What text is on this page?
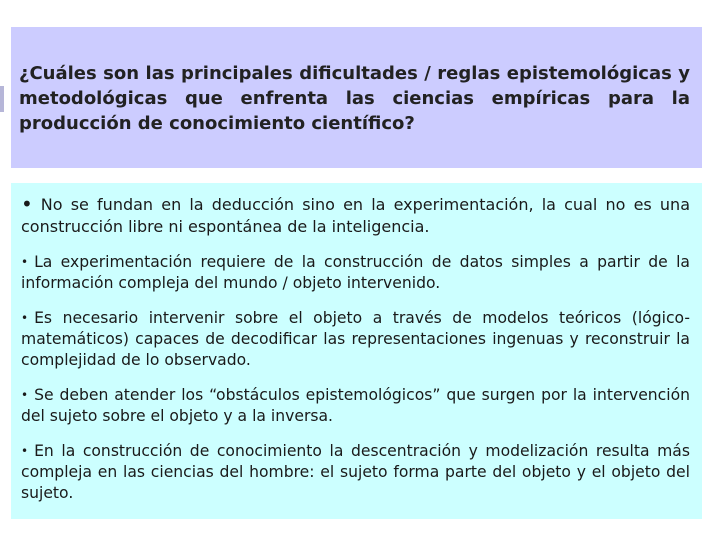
¿Cuáles son las principales dificultades / reglas epistemológicas y metodológicas que enfrenta las ciencias empíricas para la producción de conocimiento científico?

• No se fundan en la deducción sino en la experimentación, la cual no es una construcción libre ni espontánea de la inteligencia.

• La experimentación requiere de la construcción de datos simples a partir de la información compleja del mundo / objeto intervenido.

• Es necesario intervenir sobre el objeto a través de modelos teóricos (lógico-matemáticos) capaces de decodificar las representaciones ingenuas y reconstruir la complejidad de lo observado.

• Se deben atender los “obstáculos epistemológicos” que surgen por la intervención del sujeto sobre el objeto y a la inversa.

• En la construcción de conocimiento la descentración y modelización resulta más compleja en las ciencias del hombre: el sujeto forma parte del objeto y el objeto del sujeto.
